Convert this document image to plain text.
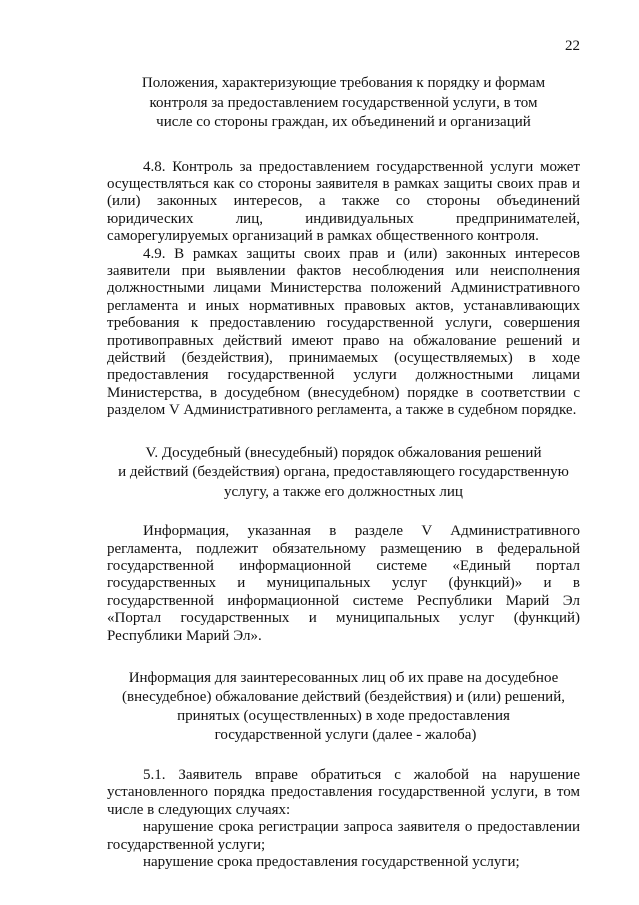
22
Положения, характеризующие требования к порядку и формам
контроля за предоставлением государственной услуги, в том
числе со стороны граждан, их объединений и организаций

4.8. Контроль за предоставлением государственной услуги может осуществляться как со стороны заявителя в рамках защиты своих прав и (или) законных интересов, а также со стороны объединений юридических лиц, индивидуальных предпринимателей, саморегулируемых организаций в рамках общественного контроля.

4.9. В рамках защиты своих прав и (или) законных интересов заявители при выявлении фактов несоблюдения или неисполнения должностными лицами Министерства положений Административного регламента и иных нормативных правовых актов, устанавливающих требования к предоставлению государственной услуги, совершения противоправных действий имеют право на обжалование решений и действий (бездействия), принимаемых (осуществляемых) в ходе предоставления государственной услуги должностными лицами Министерства, в досудебном (внесудебном) порядке в соответствии с разделом V Административного регламента, а также в судебном порядке.

V. Досудебный (внесудебный) порядок обжалования решений
и действий (бездействия) органа, предоставляющего государственную
услугу, а также его должностных лиц

Информация, указанная в разделе V Административного регламента, подлежит обязательному размещению в федеральной государственной информационной системе «Единый портал государственных и муниципальных услуг (функций)» и в государственной информационной системе Республики Марий Эл «Портал государственных и муниципальных услуг (функций) Республики Марий Эл».

Информация для заинтересованных лиц об их праве на досудебное
(внесудебное) обжалование действий (бездействия) и (или) решений,
принятых (осуществленных) в ходе предоставления
государственной услуги (далее - жалоба)

5.1. Заявитель вправе обратиться с жалобой на нарушение установленного порядка предоставления государственной услуги, в том числе в следующих случаях:

нарушение срока регистрации запроса заявителя о предоставлении государственной услуги;

нарушение срока предоставления государственной услуги;
